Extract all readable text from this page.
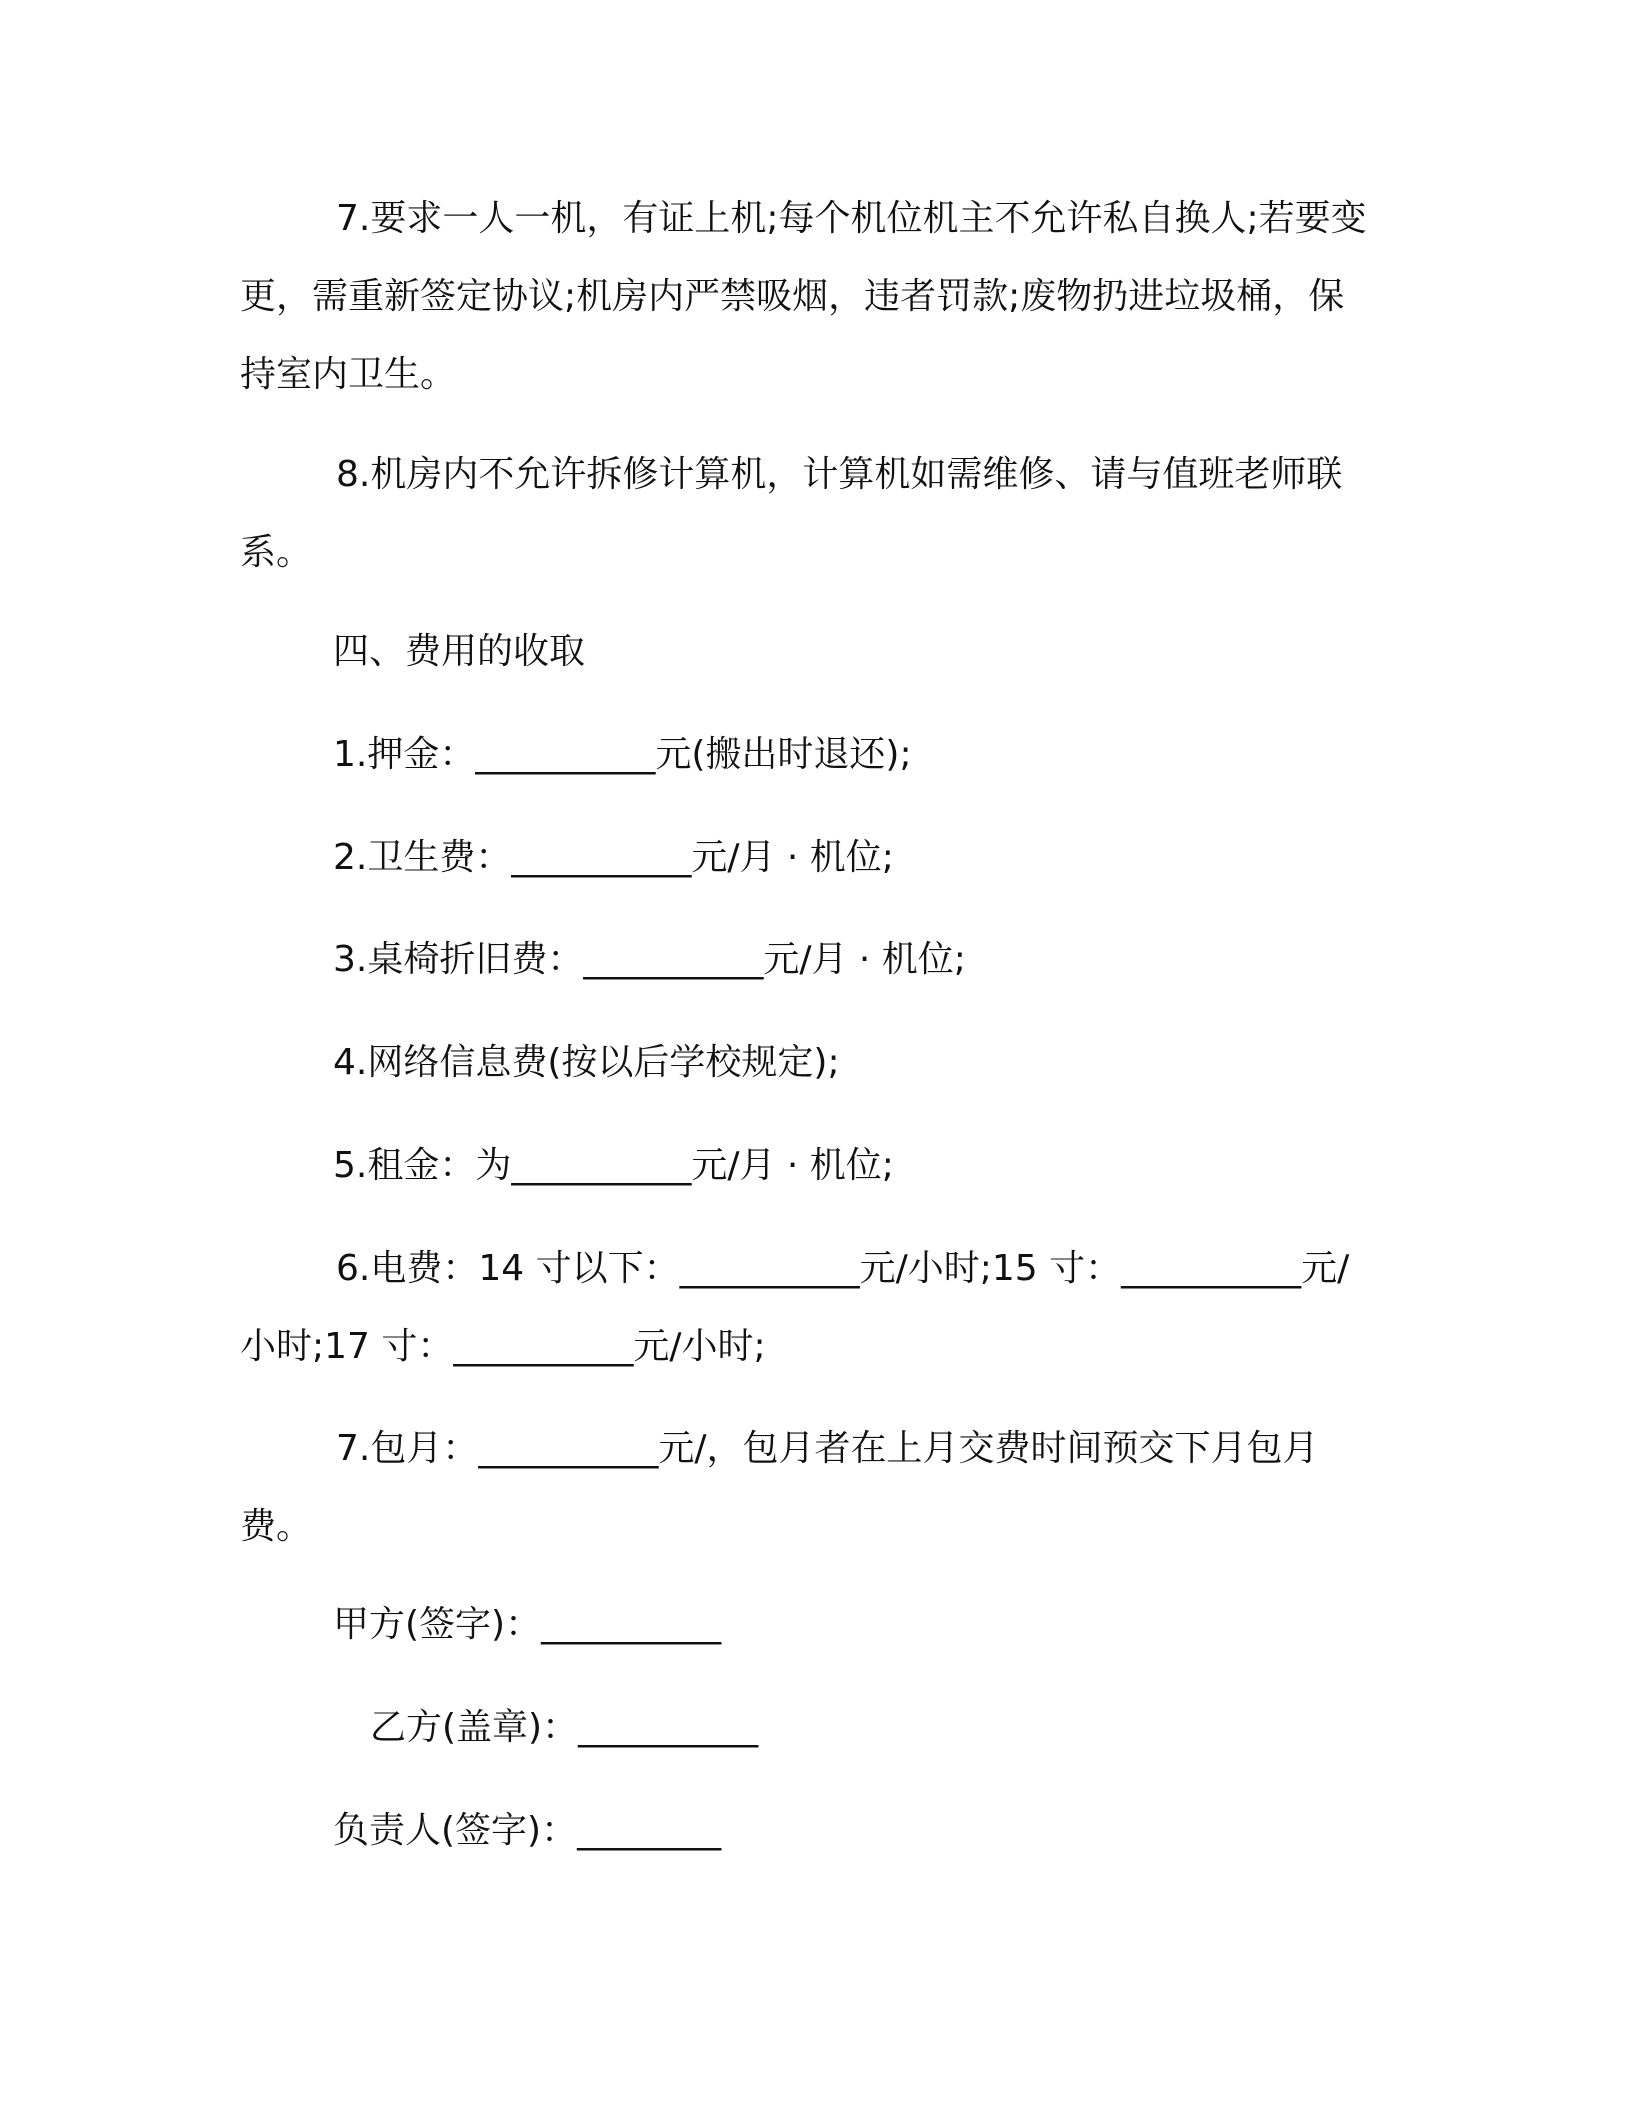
7.要求一人一机，有证上机;每个机位机主不允许私自换人;若要变更，需重新签定协议;机房内严禁吸烟，违者罚款;废物扔进垃圾桶，保持室内卫生。

8.机房内不允许拆修计算机，计算机如需维修、请与值班老师联系。

四、费用的收取

1.押金：__________元(搬出时退还);

2.卫生费：__________元/月 · 机位;

3.桌椅折旧费：__________元/月 · 机位;

4.网络信息费(按以后学校规定);

5.租金：为__________元/月 · 机位;

6.电费：14 寸以下：__________元/小时;15 寸：__________元/小时;17 寸：__________元/小时;

7.包月：__________元/，包月者在上月交费时间预交下月包月费。

甲方(签字)：__________

乙方(盖章)：__________

负责人(签字)：________
